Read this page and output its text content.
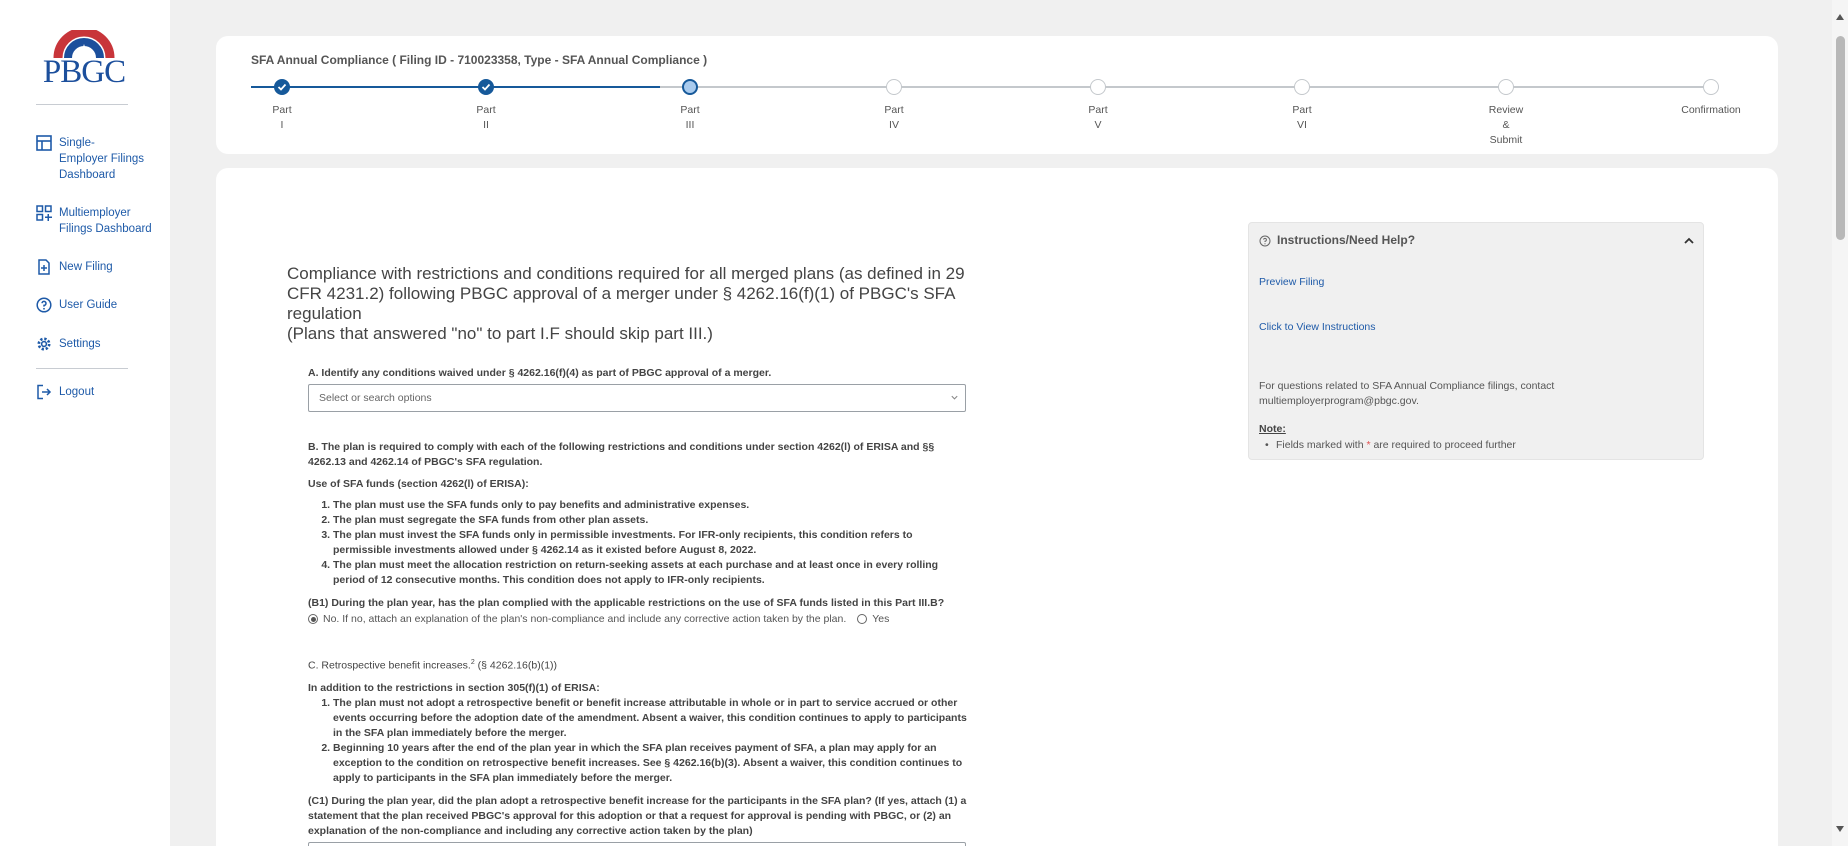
PBGC
Single-
Employer Filings
Dashboard
Multiemployer
Filings Dashboard
New Filing
User Guide
Settings
Logout
SFA Annual Compliance ( Filing ID - 710023358, Type - SFA Annual Compliance )
Part
I
Part
II
Part
III
Part
IV
Part
V
Part
VI
Review
&
Submit
Confirmation
Compliance with restrictions and conditions required for all merged plans (as defined in 29 CFR 4231.2) following PBGC approval of a merger under § 4262.16(f)(1) of PBGC's SFA regulation
(Plans that answered "no" to part I.F should skip part III.)
A. Identify any conditions waived under § 4262.16(f)(4) as part of PBGC approval of a merger.
Select or search options
B. The plan is required to comply with each of the following restrictions and conditions under section 4262(l) of ERISA and §§ 4262.13 and 4262.14 of PBGC's SFA regulation.
Use of SFA funds (section 4262(l) of ERISA):
1. The plan must use the SFA funds only to pay benefits and administrative expenses.
2. The plan must segregate the SFA funds from other plan assets.
3. The plan must invest the SFA funds only in permissible investments. For IFR-only recipients, this condition refers to permissible investments allowed under § 4262.14 as it existed before August 8, 2022.
4. The plan must meet the allocation restriction on return-seeking assets at each purchase and at least once in every rolling period of 12 consecutive months. This condition does not apply to IFR-only recipients.
(B1) During the plan year, has the plan complied with the applicable restrictions on the use of SFA funds listed in this Part III.B?
No. If no, attach an explanation of the plan's non-compliance and include any corrective action taken by the plan. Yes
C. Retrospective benefit increases.$^2$ (§ 4262.16(b)(1))
In addition to the restrictions in section 305(f)(1) of ERISA:
1. The plan must not adopt a retrospective benefit or benefit increase attributable in whole or in part to service accrued or other events occurring before the adoption date of the amendment. Absent a waiver, this condition continues to apply to participants in the SFA plan immediately before the merger.
2. Beginning 10 years after the end of the plan year in which the SFA plan receives payment of SFA, a plan may apply for an exception to the condition on retrospective benefit increases. See § 4262.16(b)(3). Absent a waiver, this condition continues to apply to participants in the SFA plan immediately before the merger.
(C1) During the plan year, did the plan adopt a retrospective benefit increase for the participants in the SFA plan? (If yes, attach (1) a statement that the plan received PBGC's approval for this adoption or that a request for approval is pending with PBGC, or (2) an explanation of the non-compliance and including any corrective action taken by the plan)
Instructions/Need Help?
Preview Filing
Click to View Instructions
For questions related to SFA Annual Compliance filings, contact multiemployerprogram@pbgc.gov.
Note:
• Fields marked with * are required to proceed further
